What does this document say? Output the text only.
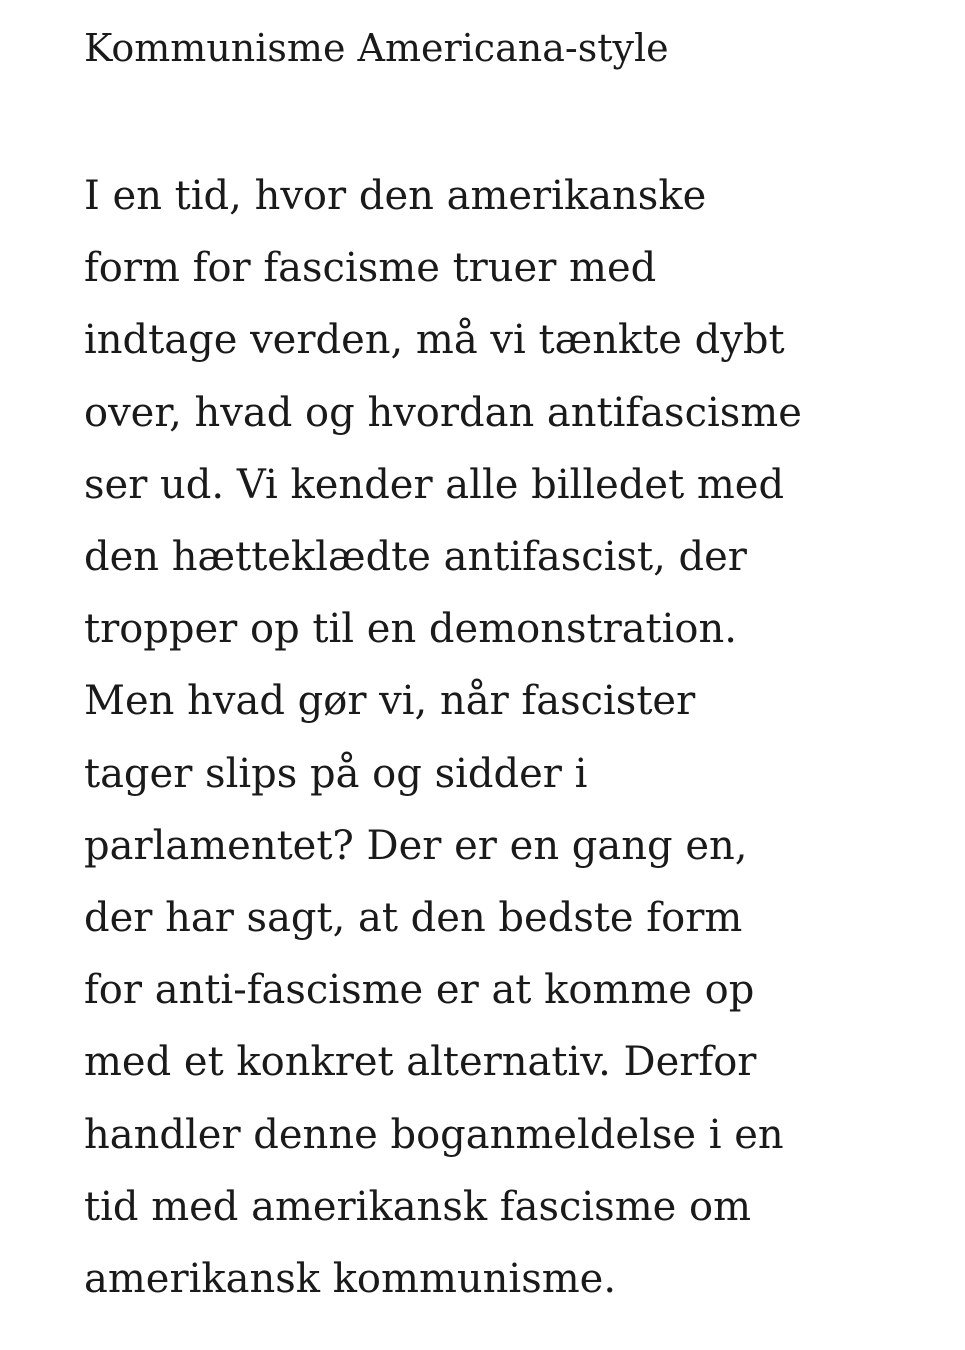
Kommunisme Americana-style

I en tid, hvor den amerikanske
form for fascisme truer med
indtage verden, må vi tænkte dybt
over, hvad og hvordan antifascisme
ser ud. Vi kender alle billedet med
den hætteklædte antifascist, der
tropper op til en demonstration.
Men hvad gør vi, når fascister
tager slips på og sidder i
parlamentet? Der er en gang en,
der har sagt, at den bedste form
for anti-fascisme er at komme op
med et konkret alternativ. Derfor
handler denne boganmeldelse i en
tid med amerikansk fascisme om
amerikansk kommunisme.
